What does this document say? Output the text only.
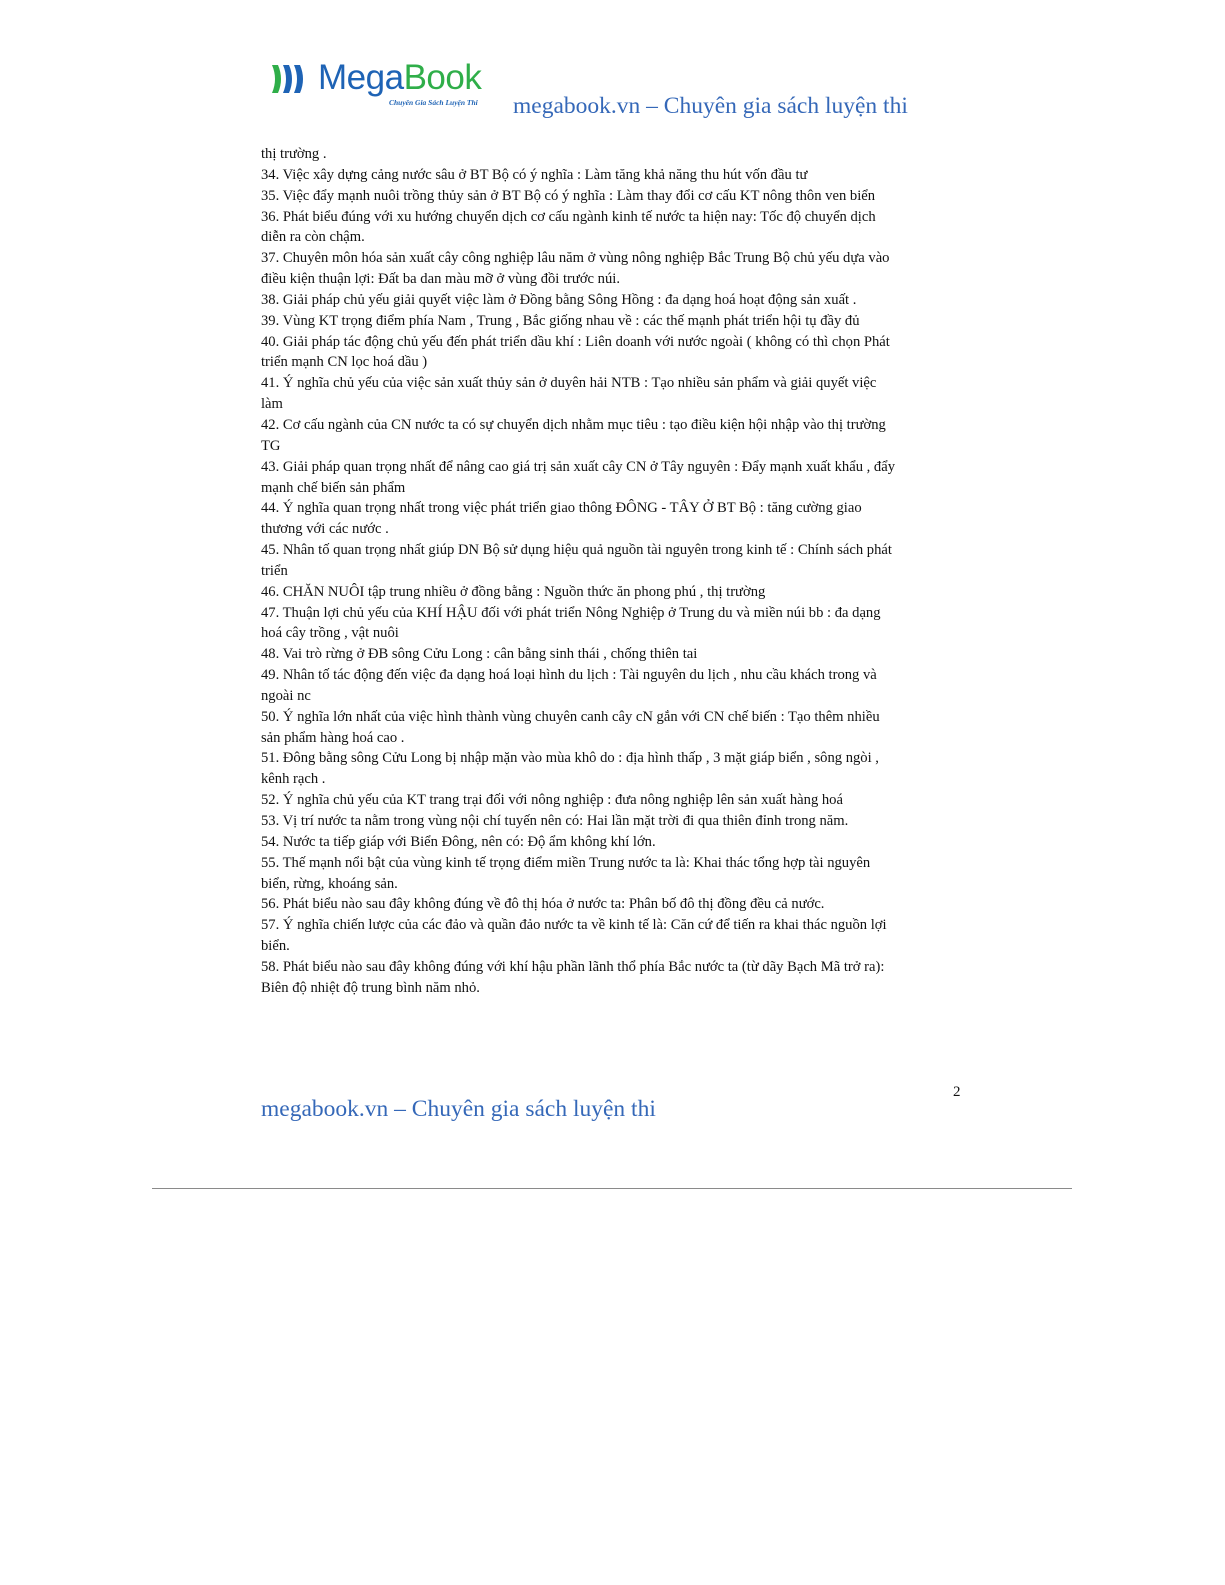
MegaBook
Chuyên Gia Sách Luyện Thi megabook.vn – Chuyên gia sách luyện thi

thị trường .

34. Việc xây dựng cảng nước sâu ở BT Bộ có ý nghĩa : Làm tăng khả năng thu hút vốn đầu tư

35. Việc đẩy mạnh nuôi trồng thủy sản ở BT Bộ có ý nghĩa : Làm thay đổi cơ cấu KT nông thôn ven biển

36. Phát biểu đúng với xu hướng chuyển dịch cơ cấu ngành kinh tế nước ta hiện nay: Tốc độ chuyển dịch diễn ra còn chậm.

37. Chuyên môn hóa sản xuất cây công nghiệp lâu năm ở vùng nông nghiệp Bắc Trung Bộ chủ yếu dựa vào điều kiện thuận lợi: Đất ba dan màu mỡ ở vùng đồi trước núi.

38. Giải pháp chủ yếu giải quyết việc làm ở Đồng bằng Sông Hồng : đa dạng hoá hoạt động sản xuất .

39. Vùng KT trọng điểm phía Nam , Trung , Bắc giống nhau về : các thế mạnh phát triển hội tụ đầy đủ

40. Giải pháp tác động chủ yếu đến phát triển dầu khí : Liên doanh với nước ngoài ( không có thì chọn Phát triển mạnh CN lọc hoá dầu )

41. Ý nghĩa chủ yếu của việc sản xuất thủy sản ở duyên hải NTB : Tạo nhiều sản phẩm và giải quyết việc làm

42. Cơ cấu ngành của CN nước ta có sự chuyển dịch nhằm mục tiêu : tạo điều kiện hội nhập vào thị trường TG

43. Giải pháp quan trọng nhất để nâng cao giá trị sản xuất cây CN ở Tây nguyên : Đẩy mạnh xuất khẩu , đẩy mạnh chế biến sản phẩm

44. Ý nghĩa quan trọng nhất trong việc phát triển giao thông ĐÔNG - TÂY Ở BT Bộ : tăng cường giao thương với các nước .

45. Nhân tố quan trọng nhất giúp DN Bộ sử dụng hiệu quả nguồn tài nguyên trong kinh tế : Chính sách phát triển

46. CHĂN NUÔI tập trung nhiều ở đồng bằng : Nguồn thức ăn phong phú , thị trường

47. Thuận lợi chủ yếu của KHÍ HẬU đối với phát triển Nông Nghiệp ở Trung du và miền núi bb : đa dạng hoá cây trồng , vật nuôi

48. Vai trò rừng ở ĐB sông Cửu Long : cân bằng sinh thái , chống thiên tai

49. Nhân tố tác động đến việc đa dạng hoá loại hình du lịch : Tài nguyên du lịch , nhu cầu khách trong và ngoài nc

50. Ý nghĩa lớn nhất của việc hình thành vùng chuyên canh cây cN gắn với CN chế biến : Tạo thêm nhiều sản phẩm hàng hoá cao .

51. Đông bằng sông Cửu Long bị nhập mặn vào mùa khô do : địa hình thấp , 3 mặt giáp biển , sông ngòi , kênh rạch .

52. Ý nghĩa chủ yếu của KT trang trại đối với nông nghiệp : đưa nông nghiệp lên sản xuất hàng hoá

53. Vị trí nước ta nằm trong vùng nội chí tuyến nên có: Hai lần mặt trời đi qua thiên đỉnh trong năm.

54. Nước ta tiếp giáp với Biển Đông, nên có: Độ ẩm không khí lớn.

55. Thế mạnh nổi bật của vùng kinh tế trọng điểm miền Trung nước ta là: Khai thác tổng hợp tài nguyên biển, rừng, khoáng sản.

56. Phát biểu nào sau đây không đúng về đô thị hóa ở nước ta: Phân bố đô thị đồng đều cả nước.

57. Ý nghĩa chiến lược của các đảo và quần đảo nước ta về kinh tế là: Căn cứ để tiến ra khai thác nguồn lợi biển.

58. Phát biểu nào sau đây không đúng với khí hậu phần lãnh thổ phía Bắc nước ta (từ dãy Bạch Mã trở ra): Biên độ nhiệt độ trung bình năm nhỏ.

2
megabook.vn – Chuyên gia sách luyện thi
